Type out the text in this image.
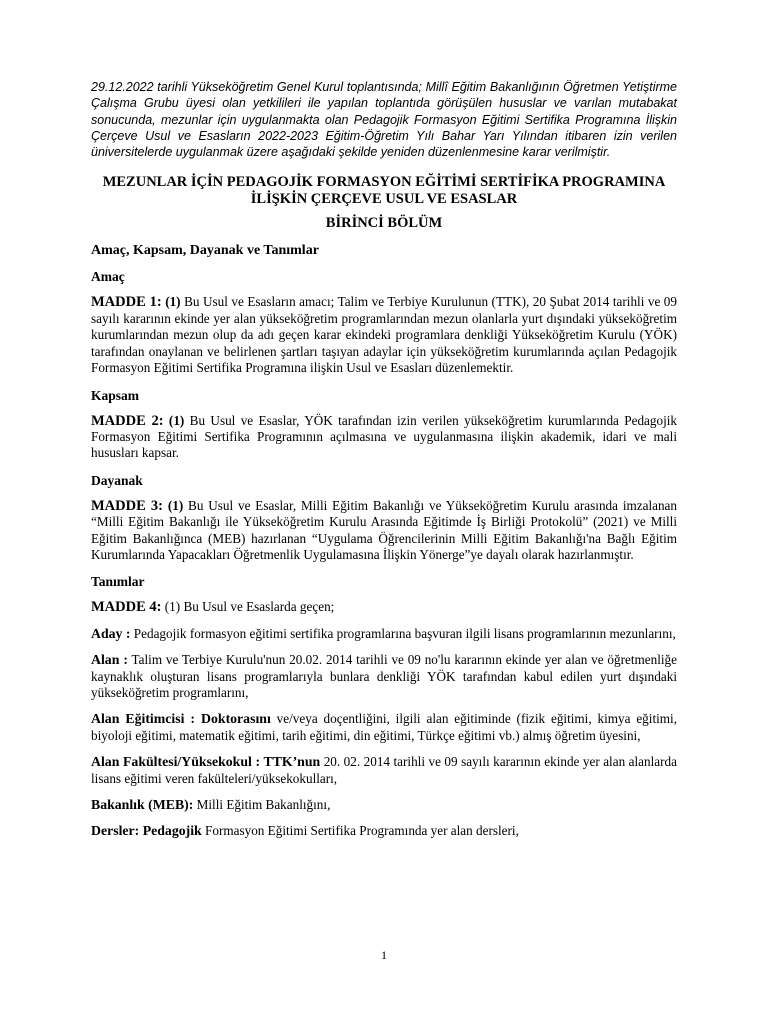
29.12.2022 tarihli Yükseköğretim Genel Kurul toplantısında; Millî Eğitim Bakanlığının Öğretmen Yetiştirme Çalışma Grubu üyesi olan yetkilileri ile yapılan toplantıda görüşülen hususlar ve varılan mutabakat sonucunda, mezunlar için uygulanmakta olan Pedagojik Formasyon Eğitimi Sertifika Programına İlişkin Çerçeve Usul ve Esasların 2022-2023 Eğitim-Öğretim Yılı Bahar Yarı Yılından itibaren izin verilen üniversitelerde uygulanmak üzere aşağıdaki şekilde yeniden düzenlenmesine karar verilmiştir.

MEZUNLAR İÇİN PEDAGOJİK FORMASYON EĞİTİMİ SERTİFİKA PROGRAMINA İLİŞKİN ÇERÇEVE USUL VE ESASLAR
BİRİNCİ BÖLÜM
Amaç, Kapsam, Dayanak ve Tanımlar
Amaç

MADDE 1: (1) Bu Usul ve Esasların amacı; Talim ve Terbiye Kurulunun (TTK), 20 Şubat 2014 tarihli ve 09 sayılı kararının ekinde yer alan yükseköğretim programlarından mezun olanlarla yurt dışındaki yükseköğretim kurumlarından mezun olup da adı geçen karar ekindeki programlara denkliği Yükseköğretim Kurulu (YÖK) tarafından onaylanan ve belirlenen şartları taşıyan adaylar için yükseköğretim kurumlarında açılan Pedagojik Formasyon Eğitimi Sertifika Programına ilişkin Usul ve Esasları düzenlemektir.

Kapsam

MADDE 2: (1) Bu Usul ve Esaslar, YÖK tarafından izin verilen yükseköğretim kurumlarında Pedagojik Formasyon Eğitimi Sertifika Programının açılmasına ve uygulanmasına ilişkin akademik, idari ve mali hususları kapsar.

Dayanak

MADDE 3: (1) Bu Usul ve Esaslar, Milli Eğitim Bakanlığı ve Yükseköğretim Kurulu arasında imzalanan “Milli Eğitim Bakanlığı ile Yükseköğretim Kurulu Arasında Eğitimde İş Birliği Protokolü” (2021) ve Milli Eğitim Bakanlığınca (MEB) hazırlanan “Uygulama Öğrencilerinin Milli Eğitim Bakanlığı'na Bağlı Eğitim Kurumlarında Yapacakları Öğretmenlik Uygulamasına İlişkin Yönerge”ye dayalı olarak hazırlanmıştır.

Tanımlar

MADDE 4: (1) Bu Usul ve Esaslarda geçen;

Aday : Pedagojik formasyon eğitimi sertifika programlarına başvuran ilgili lisans programlarının mezunlarını,

Alan : Talim ve Terbiye Kurulu'nun 20.02. 2014 tarihli ve 09 no'lu kararının ekinde yer alan ve öğretmenliğe kaynaklık oluşturan lisans programlarıyla bunlara denkliği YÖK tarafından kabul edilen yurt dışındaki yükseköğretim programlarını,

Alan Eğitimcisi : Doktorasını ve/veya doçentliğini, ilgili alan eğitiminde (fizik eğitimi, kimya eğitimi, biyoloji eğitimi, matematik eğitimi, tarih eğitimi, din eğitimi, Türkçe eğitimi vb.) almış öğretim üyesini,

Alan Fakültesi/Yüksekokul : TTK’nun 20. 02. 2014 tarihli ve 09 sayılı kararının ekinde yer alan alanlarda lisans eğitimi veren fakülteleri/yüksekokulları,

Bakanlık (MEB): Milli Eğitim Bakanlığını,

Dersler: Pedagojik Formasyon Eğitimi Sertifika Programında yer alan dersleri,

1
